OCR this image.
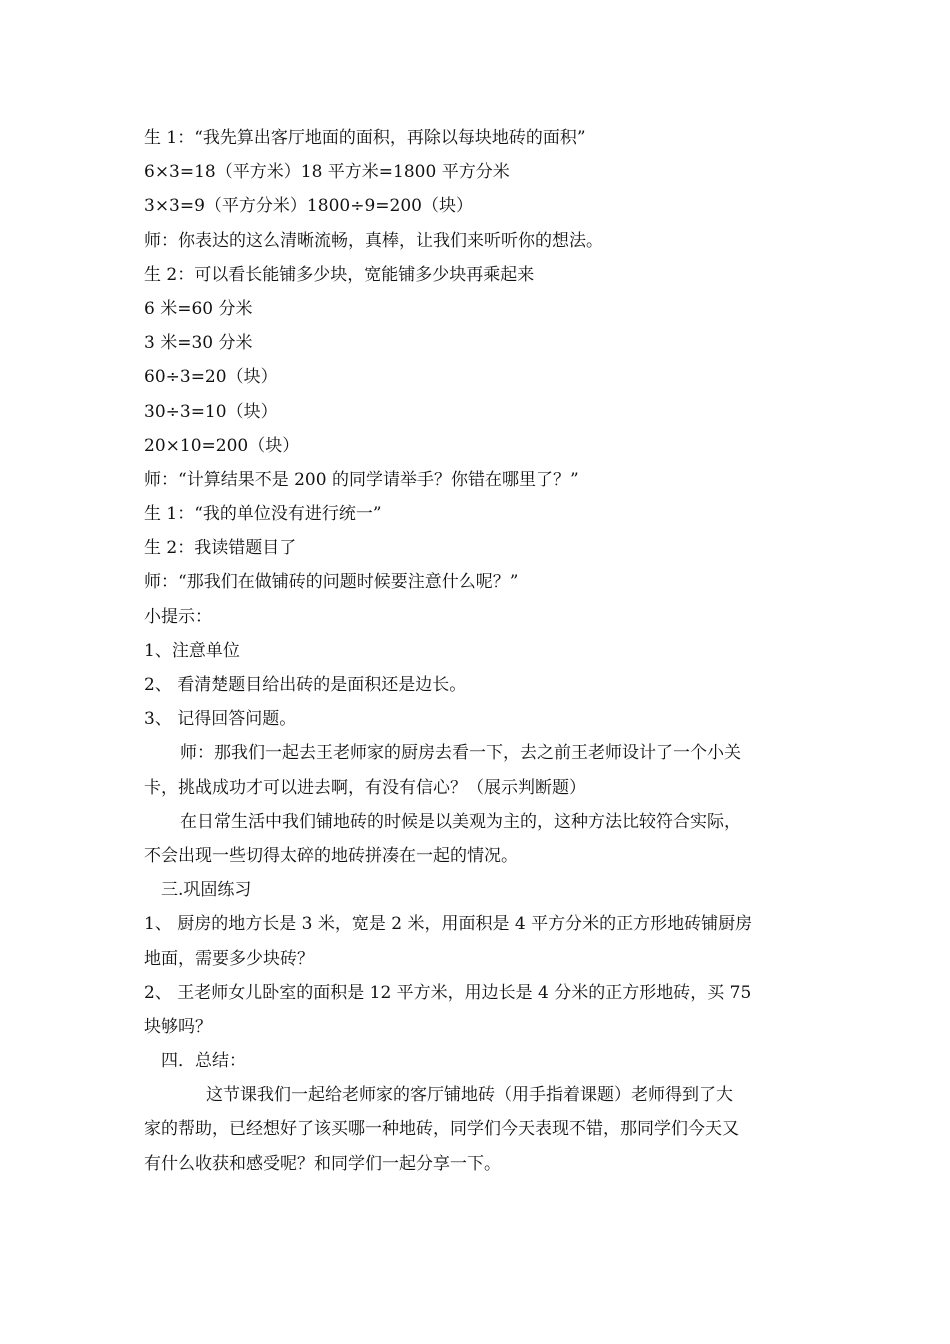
生 1：“我先算出客厅地面的面积，再除以每块地砖的面积”

6×3=18（平方米）18 平方米=1800 平方分米

3×3=9（平方分米）1800÷9=200（块）

师：你表达的这么清晰流畅，真棒，让我们来听听你的想法。

生 2：可以看长能铺多少块，宽能铺多少块再乘起来

6 米=60 分米

3 米=30 分米

60÷3=20（块）

30÷3=10（块）

20×10=200（块）

师：“计算结果不是 200 的同学请举手？你错在哪里了？”

生 1：“我的单位没有进行统一”

生 2：我读错题目了

师：“那我们在做铺砖的问题时候要注意什么呢？”

小提示：

1、注意单位

2、 看清楚题目给出砖的是面积还是边长。

3、 记得回答问题。

师：那我们一起去王老师家的厨房去看一下，去之前王老师设计了一个小关

卡，挑战成功才可以进去啊，有没有信心？（展示判断题）

在日常生活中我们铺地砖的时候是以美观为主的，这种方法比较符合实际，

不会出现一些切得太碎的地砖拼凑在一起的情况。

三.巩固练习

1、 厨房的地方长是 3 米，宽是 2 米，用面积是 4 平方分米的正方形地砖铺厨房

地面，需要多少块砖？

2、 王老师女儿卧室的面积是 12 平方米，用边长是 4 分米的正方形地砖，买 75

块够吗？

四．总结：

这节课我们一起给老师家的客厅铺地砖（用手指着课题）老师得到了大

家的帮助，已经想好了该买哪一种地砖，同学们今天表现不错，那同学们今天又

有什么收获和感受呢？和同学们一起分享一下。
